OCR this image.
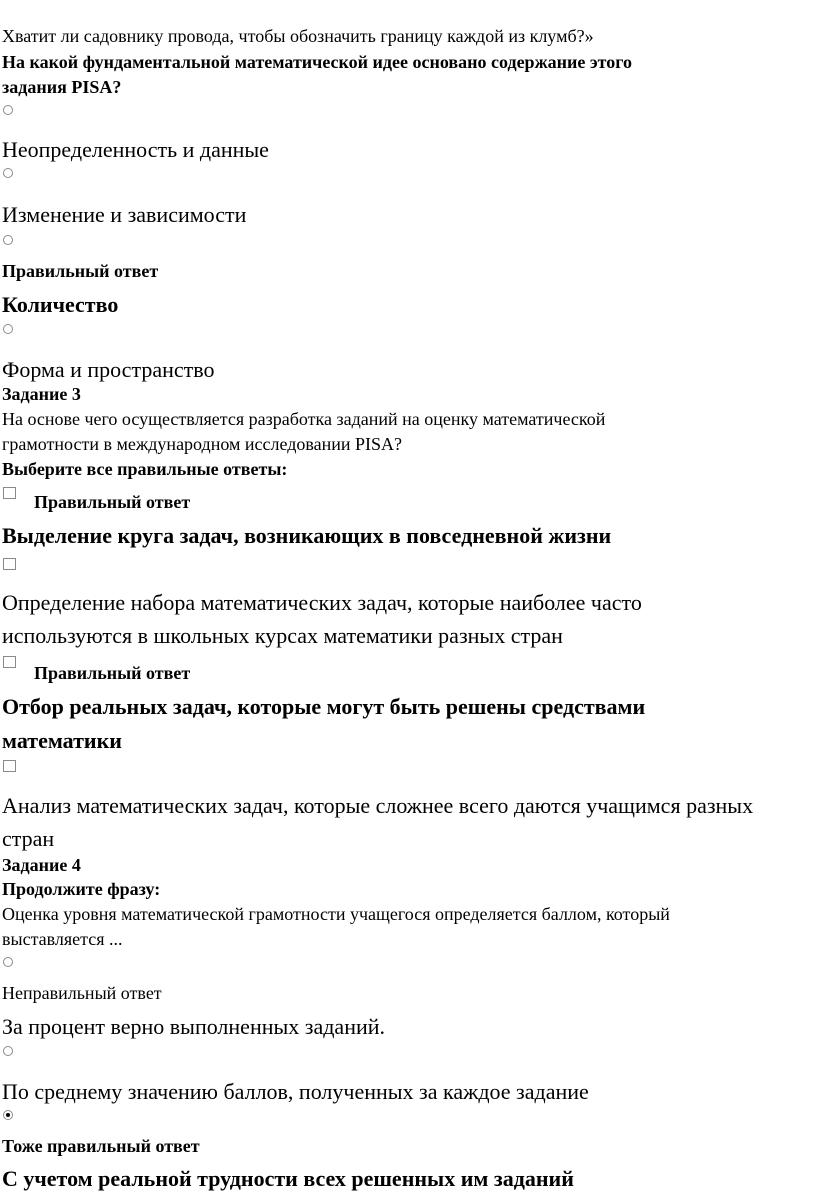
Хватит ли садовнику провода, чтобы обозначить границу каждой из клумб?»
На какой фундаментальной математической идее основано содержание этого
задания PISA?
Неопределенность и данные
Изменение и зависимости
Правильный ответ
Количество
Форма и пространство
Задание 3
На основе чего осуществляется разработка заданий на оценку математической
грамотности в международном исследовании PISA?
Выберите все правильные ответы:
Правильный ответ
Выделение круга задач, возникающих в повседневной жизни
Определение набора математических задач, которые наиболее часто
используются в школьных курсах математики разных стран
Правильный ответ
Отбор реальных задач, которые могут быть решены средствами
математики
Анализ математических задач, которые сложнее всего даются учащимся разных
стран
Задание 4
Продолжите фразу:
Оценка уровня математической грамотности учащегося определяется баллом, который
выставляется ...
Неправильный ответ
За процент верно выполненных заданий.
По среднему значению баллов, полученных за каждое задание
Тоже правильный ответ
С учетом реальной трудности всех решенных им заданий
